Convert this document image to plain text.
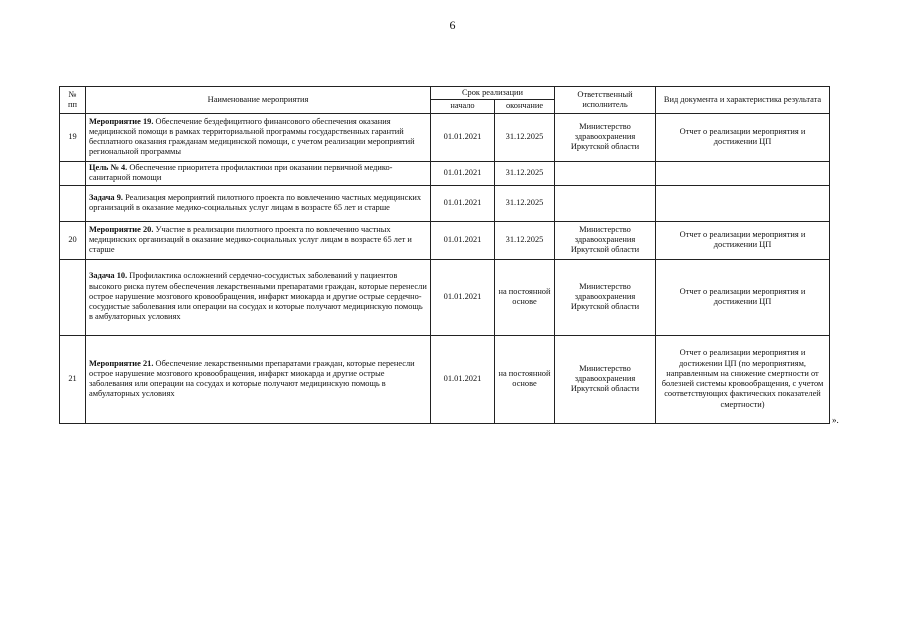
6
№ пп	Наименование мероприятия	Срок реализации		Ответственный исполнитель	Вид документа и характеристика результата
		начало	окончание		
19	Мероприятие 19. Обеспечение бездефицитного финансового обеспечения оказания медицинской помощи в рамках территориальной программы государственных гарантий бесплатного оказания гражданам медицинской помощи, с учетом реализации мероприятий региональной программы	01.01.2021	31.12.2025	Министерство здравоохранения Иркутской области	Отчет о реализации мероприятия и достижении ЦП
	Цель № 4. Обеспечение приоритета профилактики при оказании первичной медико-санитарной помощи	01.01.2021	31.12.2025		
	Задача 9. Реализация мероприятий пилотного проекта по вовлечению частных медицинских организаций в оказание медико-социальных услуг лицам в возрасте 65 лет и старше	01.01.2021	31.12.2025		
20	Мероприятие 20. Участие в реализации пилотного проекта по вовлечению частных медицинских организаций в оказание медико-социальных услуг лицам в возрасте 65 лет и старше	01.01.2021	31.12.2025	Министерство здравоохранения Иркутской области	Отчет о реализации мероприятия и достижении ЦП
	Задача 10. Профилактика осложнений сердечно-сосудистых заболеваний у пациентов высокого риска путем обеспечения лекарственными препаратами граждан, которые перенесли острое нарушение мозгового кровообращения, инфаркт миокарда и другие острые сердечно-сосудистые заболевания или операции на сосудах и которые получают медицинскую помощь в амбулаторных условиях	01.01.2021	на постоянной основе	Министерство здравоохранения Иркутской области	Отчет о реализации мероприятия и достижении ЦП
21	Мероприятие 21. Обеспечение лекарственными препаратами граждан, которые перенесли острое нарушение мозгового кровообращения, инфаркт миокарда и другие острые заболевания или операции на сосудах и которые получают медицинскую помощь в амбулаторных условиях	01.01.2021	на постоянной основе	Министерство здравоохранения Иркутской области	Отчет о реализации мероприятия и достижении ЦП (по мероприятиям, направленным на снижение смертности от болезней системы кровообращения, с учетом соответствующих фактических показателей смертности)
».
